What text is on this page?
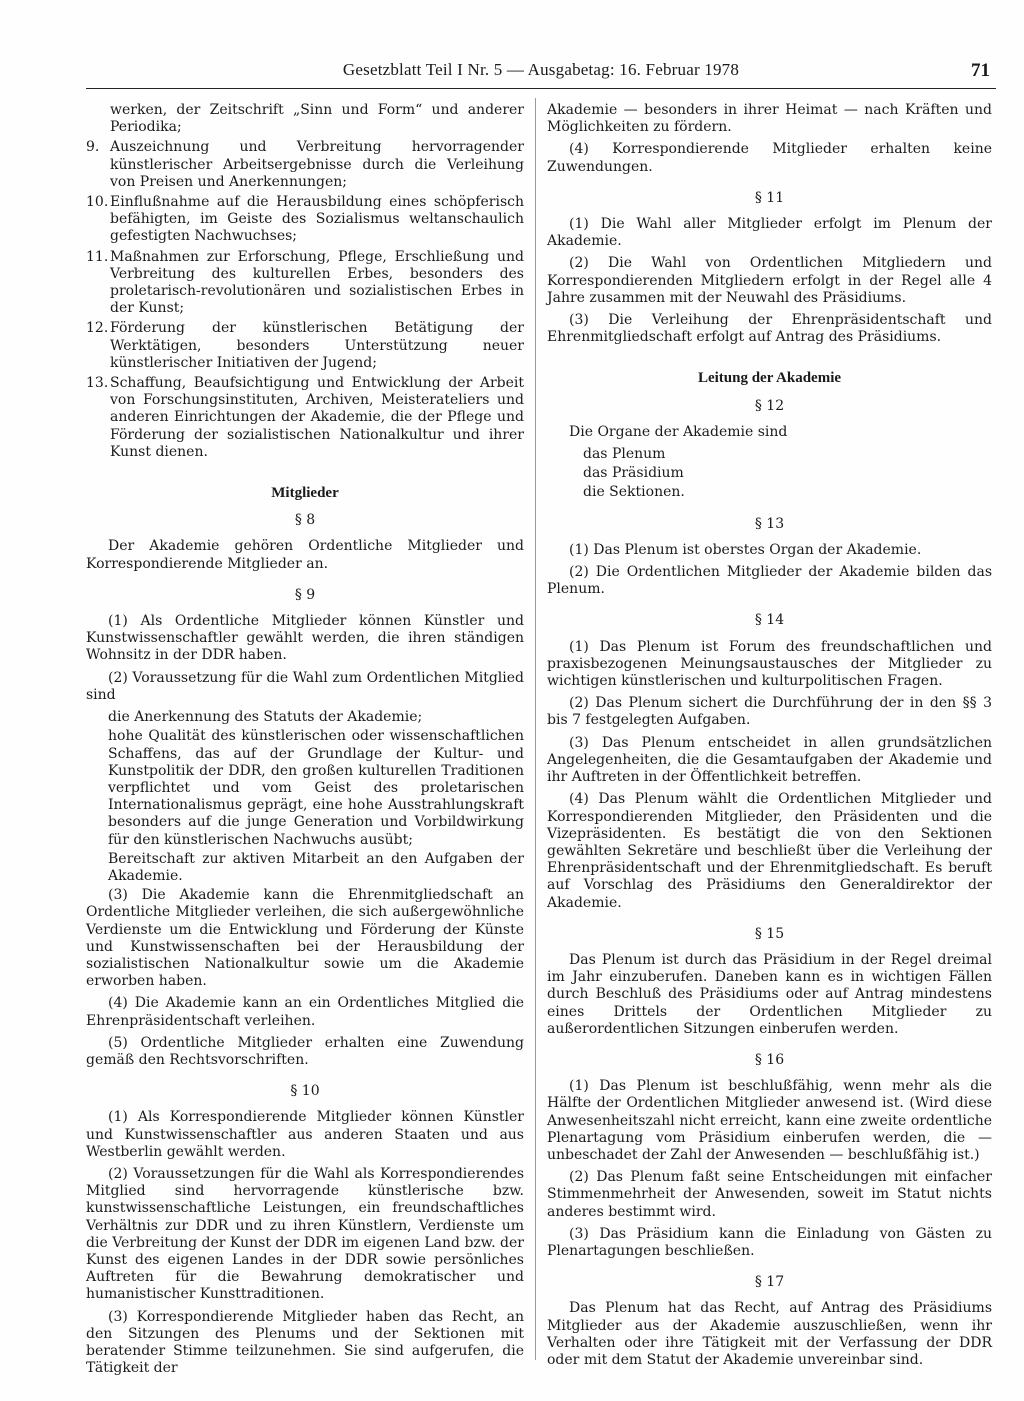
Gesetzblatt Teil I Nr. 5 — Ausgabetag: 16. Februar 1978	71

werken, der Zeitschrift „Sinn und Form“ und anderer Periodika;

9. Auszeichnung und Verbreitung hervorragender künstlerischer Arbeitsergebnisse durch die Verleihung von Preisen und Anerkennungen;
10. Einflußnahme auf die Herausbildung eines schöpferisch befähigten, im Geiste des Sozialismus weltanschaulich gefestigten Nachwuchses;
11. Maßnahmen zur Erforschung, Pflege, Erschließung und Verbreitung des kulturellen Erbes, besonders des proletarisch-revolutionären und sozialistischen Erbes in der Kunst;
12. Förderung der künstlerischen Betätigung der Werktätigen, besonders Unterstützung neuer künstlerischer Initiativen der Jugend;
13. Schaffung, Beaufsichtigung und Entwicklung der Arbeit von Forschungsinstituten, Archiven, Meisterateliers und anderen Einrichtungen der Akademie, die der Pflege und Förderung der sozialistischen Nationalkultur und ihrer Kunst dienen.
Mitglieder
§ 8

Der Akademie gehören Ordentliche Mitglieder und Korrespondierende Mitglieder an.

§ 9

(1) Als Ordentliche Mitglieder können Künstler und Kunstwissenschaftler gewählt werden, die ihren ständigen Wohnsitz in der DDR haben.

(2) Voraussetzung für die Wahl zum Ordentlichen Mitglied sind

die Anerkennung des Statuts der Akademie;

hohe Qualität des künstlerischen oder wissenschaftlichen Schaffens, das auf der Grundlage der Kultur- und Kunstpolitik der DDR, den großen kulturellen Traditionen verpflichtet und vom Geist des proletarischen Internationalismus geprägt, eine hohe Ausstrahlungskraft besonders auf die junge Generation und Vorbildwirkung für den künstlerischen Nachwuchs ausübt;

Bereitschaft zur aktiven Mitarbeit an den Aufgaben der Akademie.

(3) Die Akademie kann die Ehrenmitgliedschaft an Ordentliche Mitglieder verleihen, die sich außergewöhnliche Verdienste um die Entwicklung und Förderung der Künste und Kunstwissenschaften bei der Herausbildung der sozialistischen Nationalkultur sowie um die Akademie erworben haben.

(4) Die Akademie kann an ein Ordentliches Mitglied die Ehrenpräsidentschaft verleihen.

(5) Ordentliche Mitglieder erhalten eine Zuwendung gemäß den Rechtsvorschriften.

§ 10

(1) Als Korrespondierende Mitglieder können Künstler und Kunstwissenschaftler aus anderen Staaten und aus Westberlin gewählt werden.

(2) Voraussetzungen für die Wahl als Korrespondierendes Mitglied sind hervorragende künstlerische bzw. kunstwissenschaftliche Leistungen, ein freundschaftliches Verhältnis zur DDR und zu ihren Künstlern, Verdienste um die Verbreitung der Kunst der DDR im eigenen Land bzw. der Kunst des eigenen Landes in der DDR sowie persönliches Auftreten für die Bewahrung demokratischer und humanistischer Kunsttraditionen.

(3) Korrespondierende Mitglieder haben das Recht, an den Sitzungen des Plenums und der Sektionen mit beratender Stimme teilzunehmen. Sie sind aufgerufen, die Tätigkeit der

Akademie — besonders in ihrer Heimat — nach Kräften und Möglichkeiten zu fördern.

(4) Korrespondierende Mitglieder erhalten keine Zuwendungen.

§ 11

(1) Die Wahl aller Mitglieder erfolgt im Plenum der Akademie.

(2) Die Wahl von Ordentlichen Mitgliedern und Korrespondierenden Mitgliedern erfolgt in der Regel alle 4 Jahre zusammen mit der Neuwahl des Präsidiums.

(3) Die Verleihung der Ehrenpräsidentschaft und Ehrenmitgliedschaft erfolgt auf Antrag des Präsidiums.

Leitung der Akademie
§ 12

Die Organe der Akademie sind

das Plenum

das Präsidium

die Sektionen.

§ 13

(1) Das Plenum ist oberstes Organ der Akademie.

(2) Die Ordentlichen Mitglieder der Akademie bilden das Plenum.

§ 14

(1) Das Plenum ist Forum des freundschaftlichen und praxisbezogenen Meinungsaustausches der Mitglieder zu wichtigen künstlerischen und kulturpolitischen Fragen.

(2) Das Plenum sichert die Durchführung der in den §§ 3 bis 7 festgelegten Aufgaben.

(3) Das Plenum entscheidet in allen grundsätzlichen Angelegenheiten, die die Gesamtaufgaben der Akademie und ihr Auftreten in der Öffentlichkeit betreffen.

(4) Das Plenum wählt die Ordentlichen Mitglieder und Korrespondierenden Mitglieder, den Präsidenten und die Vizepräsidenten. Es bestätigt die von den Sektionen gewählten Sekretäre und beschließt über die Verleihung der Ehrenpräsidentschaft und der Ehrenmitgliedschaft. Es beruft auf Vorschlag des Präsidiums den Generaldirektor der Akademie.

§ 15

Das Plenum ist durch das Präsidium in der Regel dreimal im Jahr einzuberufen. Daneben kann es in wichtigen Fällen durch Beschluß des Präsidiums oder auf Antrag mindestens eines Drittels der Ordentlichen Mitglieder zu außerordentlichen Sitzungen einberufen werden.

§ 16

(1) Das Plenum ist beschlußfähig, wenn mehr als die Hälfte der Ordentlichen Mitglieder anwesend ist. (Wird diese Anwesenheitszahl nicht erreicht, kann eine zweite ordentliche Plenartagung vom Präsidium einberufen werden, die — unbeschadet der Zahl der Anwesenden — beschlußfähig ist.)

(2) Das Plenum faßt seine Entscheidungen mit einfacher Stimmenmehrheit der Anwesenden, soweit im Statut nichts anderes bestimmt wird.

(3) Das Präsidium kann die Einladung von Gästen zu Plenartagungen beschließen.

§ 17

Das Plenum hat das Recht, auf Antrag des Präsidiums Mitglieder aus der Akademie auszuschließen, wenn ihr Verhalten oder ihre Tätigkeit mit der Verfassung der DDR oder mit dem Statut der Akademie unvereinbar sind.
